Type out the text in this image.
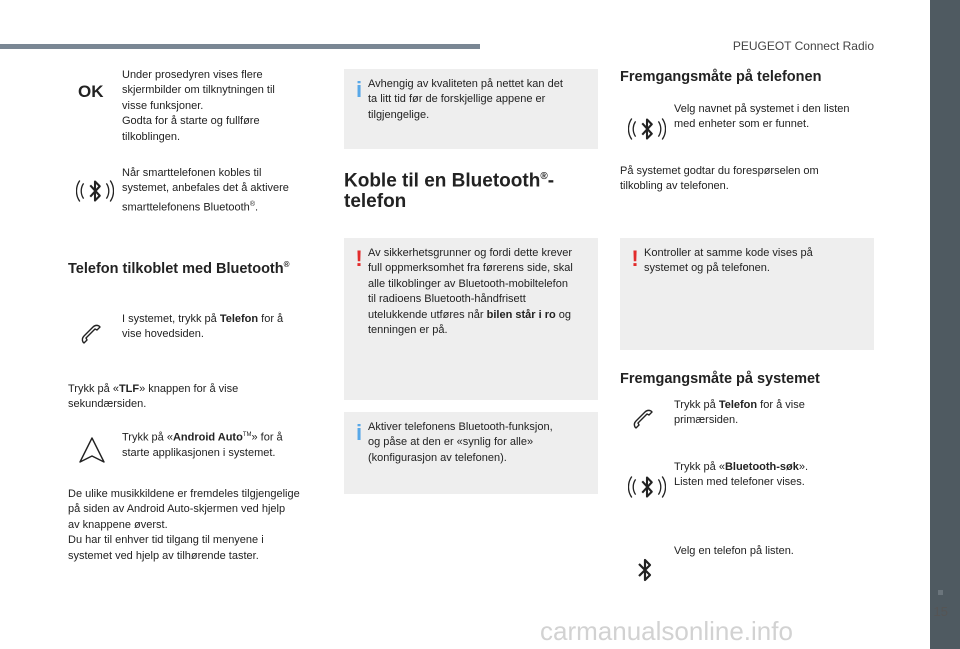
PEUGEOT Connect Radio
15
OK
Under prosedyren vises flere
skjermbilder om tilknytningen til
visse funksjoner.
Godta for å starte og fullføre
tilkoblingen.
Når smarttelefonen kobles til
systemet, anbefales det å aktivere
smarttelefonens Bluetooth®.
Telefon tilkoblet med Bluetooth®
I systemet, trykk på Telefon for å
vise hovedsiden.
Trykk på «TLF» knappen for å vise
sekundærsiden.
Trykk på «Android Auto™» for å
starte applikasjonen i systemet.
De ulike musikkildene er fremdeles tilgjengelige
på siden av Android Auto-skjermen ved hjelp
av knappene øverst.
Du har til enhver tid tilgang til menyene i
systemet ved hjelp av tilhørende taster.
i Avhengig av kvaliteten på nettet kan det
ta litt tid før de forskjellige appene er
tilgjengelige.
Koble til en Bluetooth®-
telefon
! Av sikkerhetsgrunner og fordi dette krever
full oppmerksomhet fra førerens side, skal
alle tilkoblinger av Bluetooth-mobiltelefon
til radioens Bluetooth-håndfrisett
utelukkende utføres når bilen står i ro og
tenningen er på.
i Aktiver telefonens Bluetooth-funksjon,
og påse at den er «synlig for alle»
(konfigurasjon av telefonen).
Fremgangsmåte på telefonen
Velg navnet på systemet i den listen
med enheter som er funnet.
På systemet godtar du forespørselen om
tilkobling av telefonen.
! Kontroller at samme kode vises på
systemet og på telefonen.
Fremgangsmåte på systemet
Trykk på Telefon for å vise
primærsiden.
Trykk på «Bluetooth-søk».
Listen med telefoner vises.
Velg en telefon på listen.
carmanualsonline.info
